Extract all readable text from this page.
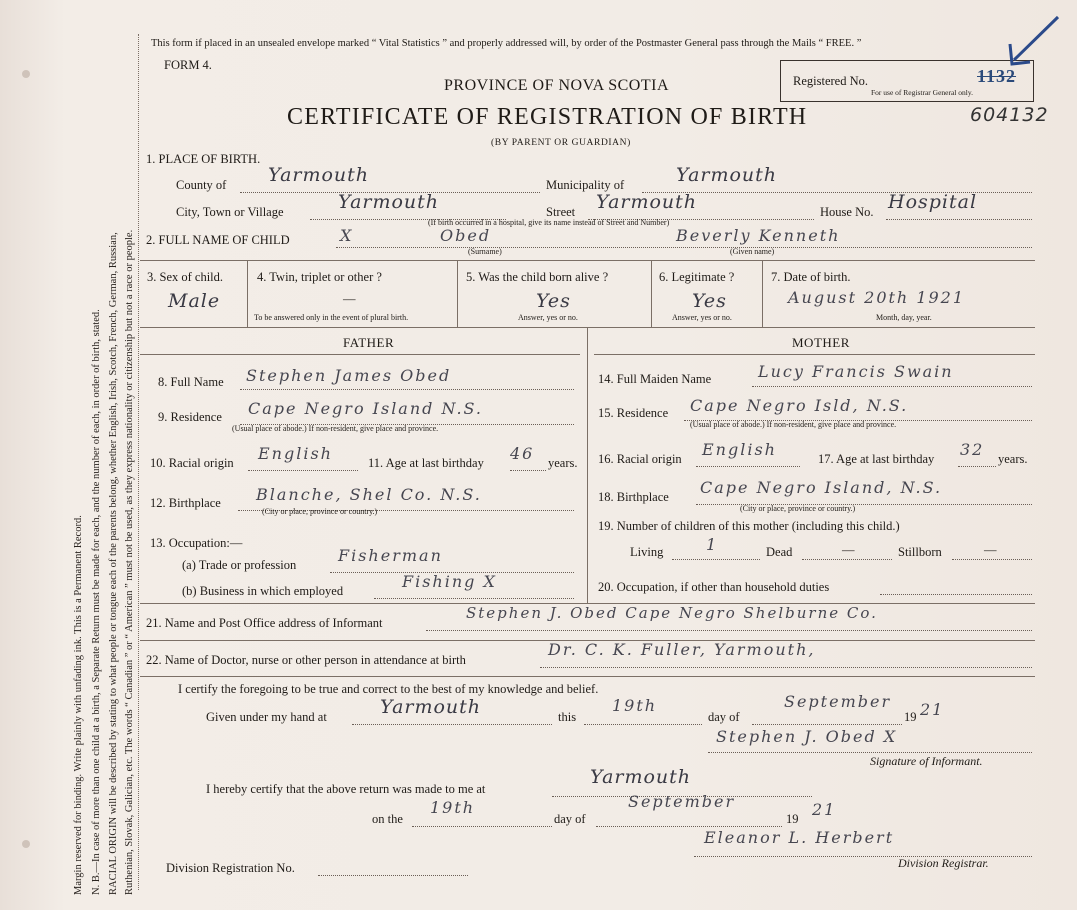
Margin reserved for binding. Write plainly with unfading ink. This is a Permanent Record. N. B.—In case of more than one child at a birth, a Separate Return must be made for each, and the number of each, in order of birth, stated. RACIAL ORIGIN will be described by stating to what people or tongue each of the parents belong, whether English, Irish, Scotch, French, German, Russian, Ruthenian, Slovak, Galician, etc. The words “ Canadian ” or “ American ” must not be used, as they express nationality or citizenship but not a race or people.
This form if placed in an unsealed envelope marked “ Vital Statistics ” and properly addressed will, by order of the Postmaster General pass through the Mails “ FREE. ”
FORM 4.
PROVINCE OF NOVA SCOTIA
CERTIFICATE OF REGISTRATION OF BIRTH
(BY PARENT OR GUARDIAN)
Registered No.	1132
For use of Registrar General only.
604132
1. PLACE OF BIRTH.
County of Yarmouth	Municipality of	Yarmouth
City, Town or Village	Yarmouth	Street Yarmouth	House No. Hospital
(If birth occurred in a hospital, give its name instead of Street and Number)
2. FULL NAME OF CHILD	X	Obed	Beverly Kenneth
(Surname)	(Given name)
3. Sex of child.
Male
4. Twin, triplet or other ?
—
To be answered only in the event of plural birth.
5. Was the child born alive ?
Yes
Answer, yes or no.
6. Legitimate ?
Yes
Answer, yes or no.
7. Date of birth.
August 20th 1921
Month, day, year.
FATHER	MOTHER
8. Full Name Stephen James Obed
9. Residence Cape Negro Island N.S.
(Usual place of abode.) If non-resident, give place and province.
10. Racial origin English	11. Age at last birthday 46 years.
12. Birthplace Blanche, Shel Co. N.S.
(City or place, province or country.)
13. Occupation:—
(a) Trade or profession	Fisherman
(b) Business in which employed	Fishing X
14. Full Maiden Name	Lucy Francis Swain
15. Residence Cape Negro Isld, N.S.
(Usual place of abode.) If non-resident, give place and province.
16. Racial origin English	17. Age at last birthday 32 years.
18. Birthplace Cape Negro Island, N.S.
(City or place, province or country.)
19. Number of children of this mother (including this child.)
Living	1	Dead	—	Stillborn	—
20. Occupation, if other than household duties
21. Name and Post Office address of Informant
Stephen J. Obed Cape Negro Shelburne Co.
22. Name of Doctor, nurse or other person in attendance at birth
Dr. C. K. Fuller, Yarmouth,
I certify the foregoing to be true and correct to the best of my knowledge and belief.
Given under my hand at	Yarmouth	this
19th
day of
September
19 21
Stephen J. Obed X
Signature of Informant.
I hereby certify that the above return was made to me at
Yarmouth
on the
19th
day of
September
19 21
Eleanor L. Herbert
Division Registrar.
Division Registration No.
